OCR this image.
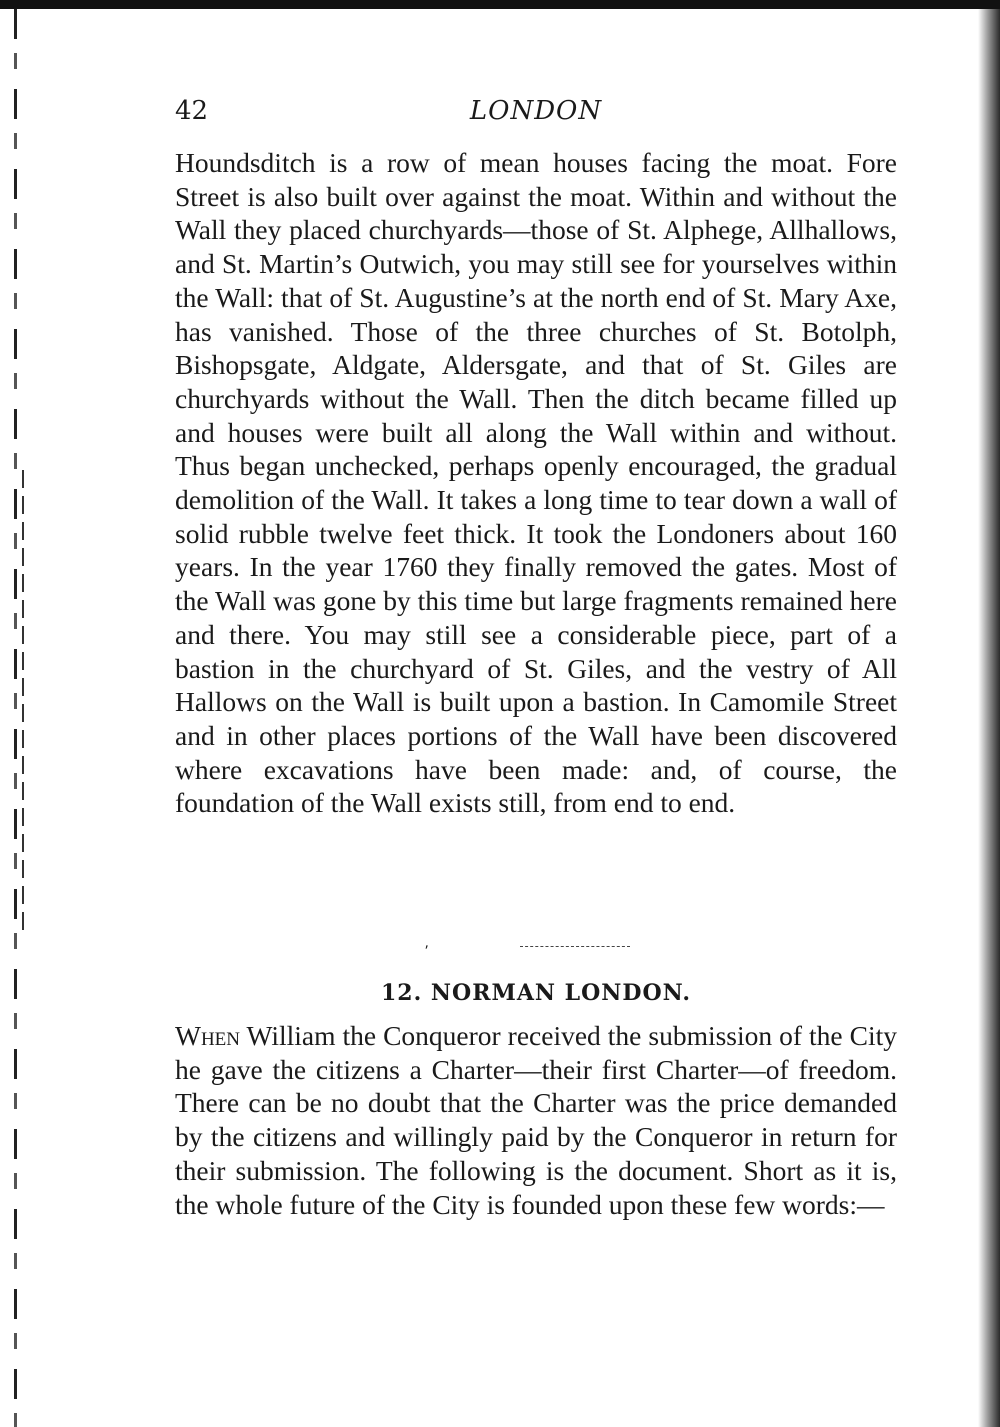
42	LONDON

Houndsditch is a row of mean houses facing the moat. Fore Street is also built over against the moat. Within and without the Wall they placed churchyards—those of St. Alphege, Allhallows, and St. Martin’s Outwich, you may still see for yourselves within the Wall: that of St. Augustine’s at the north end of St. Mary Axe, has vanished. Those of the three churches of St. Botolph, Bishopsgate, Aldgate, Aldersgate, and that of St. Giles are churchyards without the Wall. Then the ditch became filled up and houses were built all along the Wall within and without. Thus began unchecked, perhaps openly encouraged, the gradual demolition of the Wall. It takes a long time to tear down a wall of solid rubble twelve feet thick. It took the Londoners about 160 years. In the year 1760 they finally removed the gates. Most of the Wall was gone by this time but large fragments remained here and there. You may still see a considerable piece, part of a bastion in the churchyard of St. Giles, and the vestry of All Hallows on the Wall is built upon a bastion. In Camomile Street and in other places portions of the Wall have been discovered where excavations have been made: and, of course, the foundation of the Wall exists still, from end to end.

⸴
12. NORMAN LONDON.

When William the Conqueror received the submission of the City he gave the citizens a Charter—their first Charter—of freedom. There can be no doubt that the Charter was the price demanded by the citizens and willingly paid by the Conqueror in return for their submission. The following is the document. Short as it is, the whole future of the City is founded upon these few words:—
